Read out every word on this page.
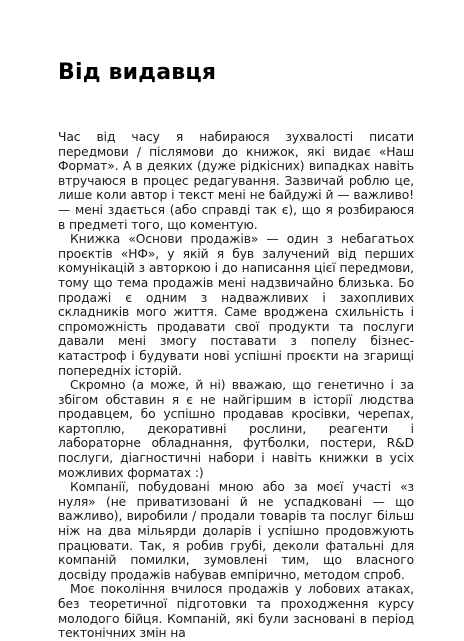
Від видавця

Час від часу я набираюся зухвалості писати передмови / післямови до книжок, які видає «Наш Формат». А в деяких (дуже рідкісних) випадках навіть втручаюся в процес редагування. Зазвичай роблю це, лише коли автор і текст мені не байдужі й — важливо! — мені здається (або справді так є), що я розбираюся в предметі того, що коментую.

Книжка «Основи продажів» — один з небагатьох проєктів «НФ», у якій я був залучений від перших комунікацій з авторкою і до написання цієї передмови, тому що тема продажів мені надзвичайно близька. Бо продажі є одним з надважливих і захопливих складників мого життя. Саме вроджена схильність і спроможність продавати свої продукти та послуги давали мені змогу поставати з попелу бізнес-катастроф і будувати нові успішні проєкти на згарищі попередніх історій.

Скромно (а може, й ні) вважаю, що генетично і за збігом обставин я є не найгіршим в історії людства продавцем, бо успішно продавав кросівки, черепах, картоплю, декоративні рослини, реагенти і лабораторне обладнання, футболки, постери, R&D послуги, діагностичні набори і навіть книжки в усіх можливих форматах :)

Компанії, побудовані мною або за моєї участі «з нуля» (не приватизовані й не успадковані — що важливо), виробили / продали товарів та послуг більш ніж на два мільярди доларів і успішно продовжують працювати. Так, я робив грубі, деколи фатальні для компаній помилки, зумовлені тим, що власного досвіду продажів набував емпірично, методом спроб.

Моє покоління вчилося продажів у лобових атаках, без теоретичної підготовки та проходження курсу молодого бійця. Компаній, які були засновані в період тектонічних змін на
